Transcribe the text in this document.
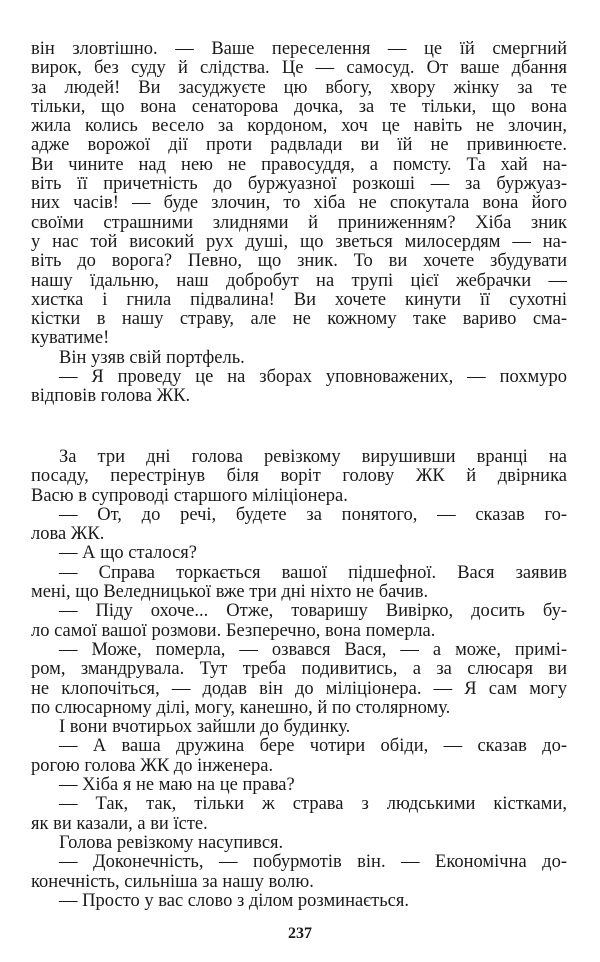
він зловтішно. — Ваше переселення — це їй смергний
вирок, без суду й слідства. Це — самосуд. От ваше дбання
за людей! Ви засуджуєте цю вбогу, хвору жінку за те
тільки, що вона сенаторова дочка, за те тільки, що вона
жила колись весело за кордоном, хоч це навіть не злочин,
адже ворожої дії проти радвлади ви їй не привинюєте.
Ви чините над нею не правосуддя, а помсту. Та хай на-
віть її причетність до буржуазної розкоші — за буржуаз-
них часів! — буде злочин, то хіба не спокутала вона його
своїми страшними злиднями й приниженням? Хіба зник
у нас той високий рух душі, що зветься милосердям — на-
віть до ворога? Певно, що зник. То ви хочете збудувати
нашу їдальню, наш добробут на трупі цієї жебрачки —
хистка і гнила підвалина! Ви хочете кинути її сухотні
кістки в нашу страву, але не кожному таке вариво сма-
куватиме!
Він узяв свій портфель.
— Я проведу це на зборах уповноважених, — похмуро
відповів голова ЖК.
За три дні голова ревізкому вирушивши вранці на
посаду, перестрінув біля воріт голову ЖК й двірника
Васю в супроводі старшого міліціонера.
— От, до речі, будете за понятого, — сказав го-
лова ЖК.
— А що сталося?
— Справа торкається вашої підшефної. Вася заявив
мені, що Веледницької вже три дні ніхто не бачив.
— Піду охоче... Отже, товаришу Вивірко, досить бу-
ло самої вашої розмови. Безперечно, вона померла.
— Може, померла, — озвався Вася, — а може, примі-
ром, змандрувала. Тут треба подивитись, а за слюсаря ви
не клопочіться, — додав він до міліціонера. — Я сам могу
по слюсарному ділі, могу, канешно, й по столярному.
І вони вчотирьох зайшли до будинку.
— А ваша дружина бере чотири обіди, — сказав до-
рогою голова ЖК до інженера.
— Хіба я не маю на це права?
— Так, так, тільки ж страва з людськими кістками,
як ви казали, а ви їсте.
Голова ревізкому насупився.
— Доконечність, — побурмотів він. — Економічна до-
конечність, сильніша за нашу волю.
— Просто у вас слово з ділом розминається.
237
